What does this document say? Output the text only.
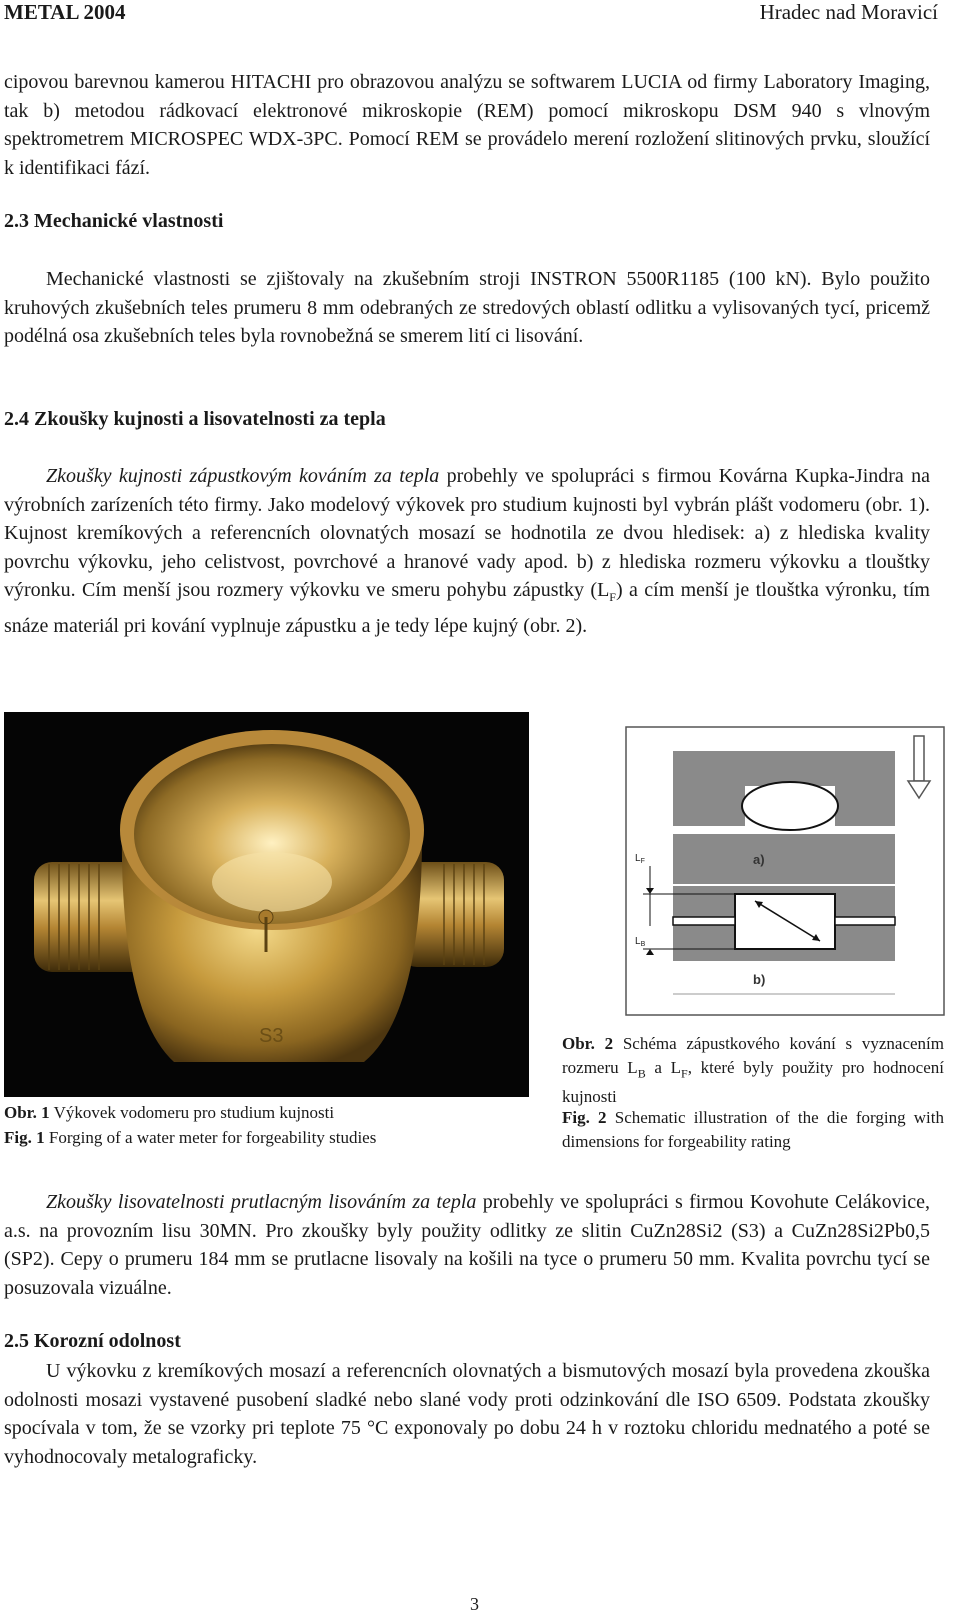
METAL 2004	Hradec nad Moravicí

cipovou barevnou kamerou HITACHI pro obrazovou analýzu se softwarem LUCIA od firmy Laboratory Imaging, tak b) metodou rádkovací elektronové mikroskopie (REM) pomocí mikroskopu DSM 940 s vlnovým spektrometrem MICROSPEC WDX-3PC. Pomocí REM se provádelo merení rozložení slitinových prvku, sloužící k identifikaci fází.

2.3 Mechanické vlastnosti

Mechanické vlastnosti se zjištovaly na zkušebním stroji INSTRON 5500R1185 (100 kN). Bylo použito kruhových zkušebních teles prumeru 8 mm odebraných ze stredových oblastí odlitku a vylisovaných tycí, pricemž podélná osa zkušebních teles byla rovnobežná se smerem lití ci lisování.

2.4 Zkoušky kujnosti a lisovatelnosti za tepla

Zkoušky kujnosti zápustkovým kováním za tepla probehly ve spolupráci s firmou Kovárna Kupka-Jindra na výrobních zarízeních této firmy. Jako modelový výkovek pro studium kujnosti byl vybrán plášt vodomeru (obr. 1). Kujnost kremíkových a referencních olovnatých mosazí se hodnotila ze dvou hledisek: a) z hlediska kvality povrchu výkovku, jeho celistvost, povrchové a hranové vady apod. b) z hlediska rozmeru výkovku a tlouštky výronku. Cím menší jsou rozmery výkovku ve smeru pohybu zápustky $(L_F)$ a cím menší je tlouštka výronku, tím snáze materiál pri kování vyplnuje zápustku a je tedy lépe kujný (obr. 2).

S3
Obr. 1 Výkovek vodomeru pro studium kujnosti
Fig. 1 Forging of a water meter for forgeability studies
a)
$L_F$
$L_B$
b)
Obr. 2 Schéma zápustkového kování s vyznacením rozmeru $L_B$ a $L_F$, které byly použity pro hodnocení kujnosti
Fig. 2 Schematic illustration of the die forging with dimensions for forgeability rating

Zkoušky lisovatelnosti prutlacným lisováním za tepla probehly ve spolupráci s firmou Kovohute Celákovice, a.s. na provozním lisu 30MN. Pro zkoušky byly použity odlitky ze slitin CuZn28Si2 (S3) a CuZn28Si2Pb0,5 (SP2). Cepy o prumeru 184 mm se prutlacne lisovaly na košili na tyce o prumeru 50 mm. Kvalita povrchu tycí se posuzovala vizuálne.

2.5 Korozní odolnost

U výkovku z kremíkových mosazí a referencních olovnatých a bismutových mosazí byla provedena zkouška odolnosti mosazi vystavené pusobení sladké nebo slané vody proti odzinkování dle ISO 6509. Podstata zkoušky spocívala v tom, že se vzorky pri teplote 75 °C exponovaly po dobu 24 h v roztoku chloridu mednatého a poté se vyhodnocovaly metalograficky.

3
